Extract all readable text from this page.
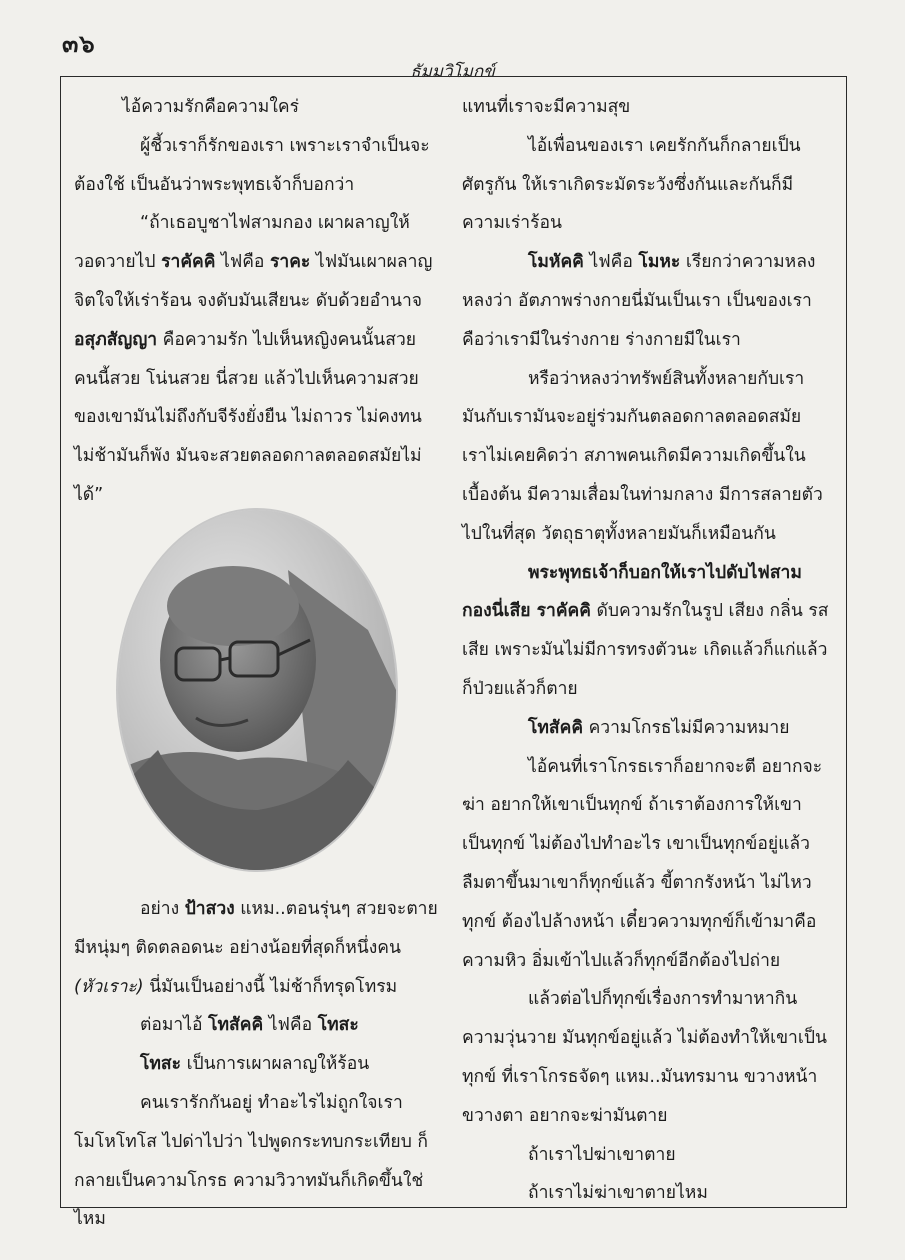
๓๖
ธัมมวิโมกข์

ไอ้ความรักคือความใคร่

ผู้ชี้วเราก็รักของเรา เพราะเราจำเป็นจะ

ต้องใช้ เป็นอันว่าพระพุทธเจ้าก็บอกว่า

“ถ้าเธอบูชาไฟสามกอง เผาผลาญให้วอดวายไป ราคัคคิ ไฟคือ ราคะ ไฟมันเผาผลาญจิตใจให้เร่าร้อน จงดับมันเสียนะ ดับด้วยอำนาจ อสุภสัญญา คือความรัก ไปเห็นหญิงคนนั้นสวย คนนี้สวย โน่นสวย นี่สวย แล้วไปเห็นความสวยของเขามันไม่ถึงกับจีรังยั่งยืน ไม่ถาวร ไม่คงทน ไม่ช้ามันก็พัง มันจะสวยตลอดกาลตลอดสมัยไม่ได้”

อย่าง ป้าสวง แหม..ตอนรุ่นๆ สวยจะตายมีหนุ่มๆ ติดตลอดนะ อย่างน้อยที่สุดก็หนึ่งคน (หัวเราะ) นี่มันเป็นอย่างนี้ ไม่ช้าก็ทรุดโทรม

ต่อมาไอ้ โทสัคคิ ไฟคือ โทสะ

โทสะ เป็นการเผาผลาญให้ร้อน

คนเรารักกันอยู่ ทำอะไรไม่ถูกใจเราโมโหโทโส ไปด่าไปว่า ไปพูดกระทบกระเทียบ ก็กลายเป็นความโกรธ ความวิวาทมันก็เกิดขึ้นใช่ไหม

แทนที่เราจะมีความสุข

ไอ้เพื่อนของเรา เคยรักกันก็กลายเป็นศัตรูกัน ให้เราเกิดระมัดระวังซึ่งกันและกันก็มีความเร่าร้อน

โมหัคคิ ไฟคือ โมหะ เรียกว่าความหลง หลงว่า อัตภาพร่างกายนี่มันเป็นเรา เป็นของเรา คือว่าเรามีในร่างกาย ร่างกายมีในเรา

หรือว่าหลงว่าทรัพย์สินทั้งหลายกับเรา มันกับเรามันจะอยู่ร่วมกันตลอดกาลตลอดสมัย เราไม่เคยคิดว่า สภาพคนเกิดมีความเกิดขึ้นในเบื้องต้น มีความเสื่อมในท่ามกลาง มีการสลายตัวไปในที่สุด วัตถุธาตุทั้งหลายมันก็เหมือนกัน

พระพุทธเจ้าก็บอกให้เราไปดับไฟสามกองนี่เสีย ราคัคคิ ดับความรักในรูป เสียง กลิ่น รส เสีย เพราะมันไม่มีการทรงตัวนะ เกิดแล้วก็แก่แล้วก็ป่วยแล้วก็ตาย

โทสัคคิ ความโกรธไม่มีความหมาย

ไอ้คนที่เราโกรธเราก็อยากจะตี อยากจะฆ่า อยากให้เขาเป็นทุกข์ ถ้าเราต้องการให้เขาเป็นทุกข์ ไม่ต้องไปทำอะไร เขาเป็นทุกข์อยู่แล้ว ลืมตาขึ้นมาเขาก็ทุกข์แล้ว ขี้ตากรังหน้า ไม่ไหวทุกข์ ต้องไปล้างหน้า เดี๋ยวความทุกข์ก็เข้ามาคือความหิว อิ่มเข้าไปแล้วก็ทุกข์อีกต้องไปถ่าย

แล้วต่อไปก็ทุกข์เรื่องการทำมาหากิน ความวุ่นวาย มันทุกข์อยู่แล้ว ไม่ต้องทำให้เขาเป็นทุกข์ ที่เราโกรธจัดๆ แหม..มันทรมาน ขวางหน้าขวางตา อยากจะฆ่ามันตาย

ถ้าเราไปฆ่าเขาตาย

ถ้าเราไม่ฆ่าเขาตายไหม
